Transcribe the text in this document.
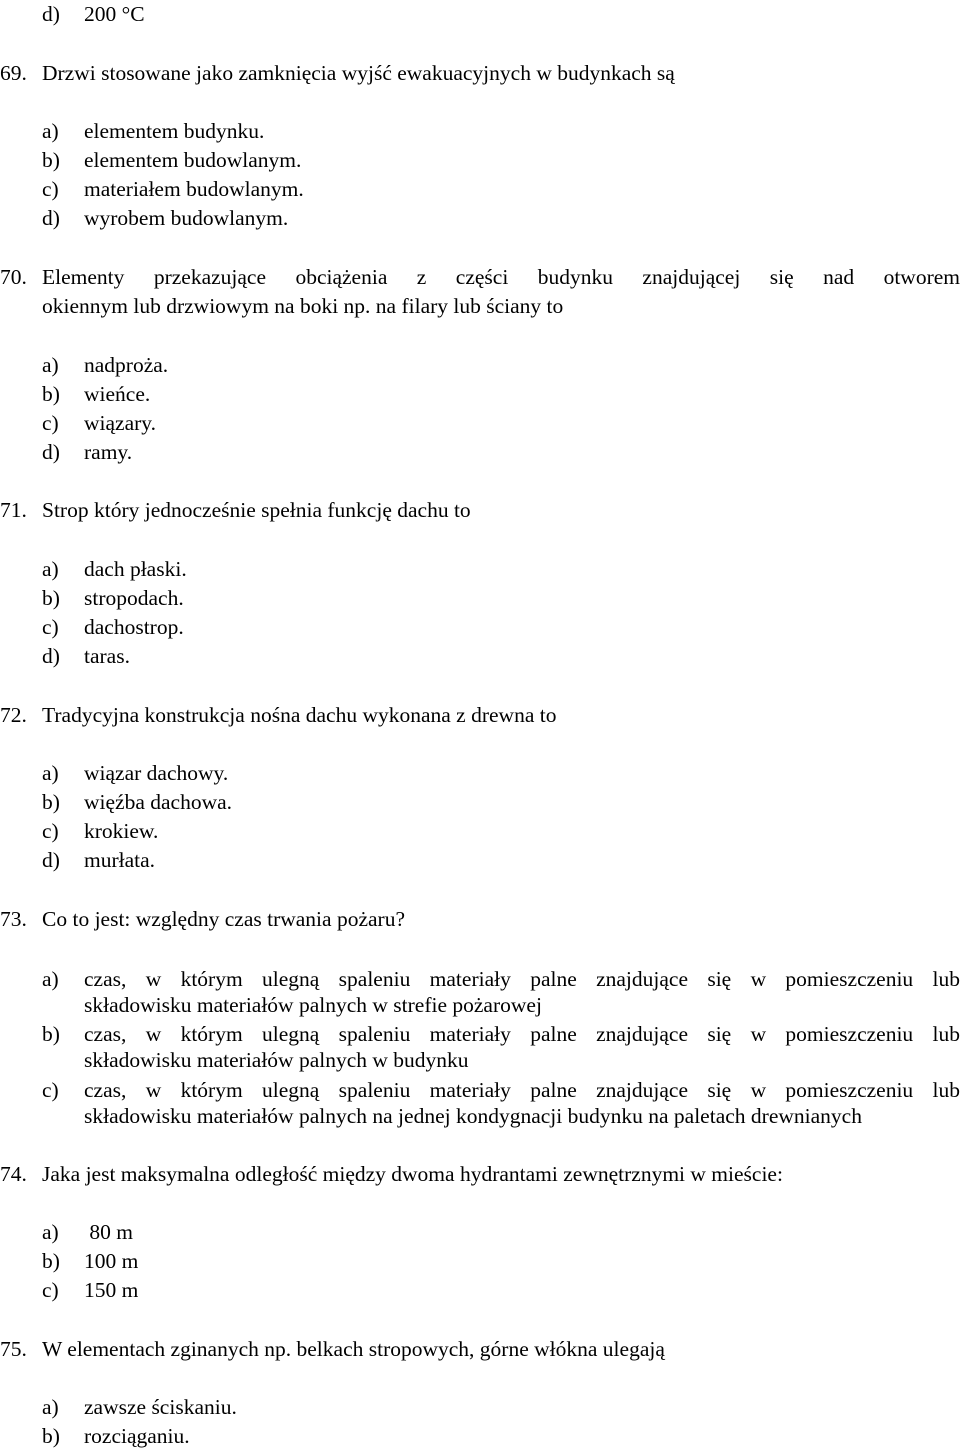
d) 200 °C
69. Drzwi stosowane jako zamknięcia wyjść ewakuacyjnych w budynkach są
a) elementem budynku.
b) elementem budowlanym.
c) materiałem budowlanym.
d) wyrobem budowlanym.
70. Elementy przekazujące obciążenia z części budynku znajdującej się nad otworem
okiennym lub drzwiowym na boki np. na filary lub ściany to
a) nadproża.
b) wieńce.
c) wiązary.
d) ramy.
71. Strop który jednocześnie spełnia funkcję dachu to
a) dach płaski.
b) stropodach.
c) dachostrop.
d) taras.
72. Tradycyjna konstrukcja nośna dachu wykonana z drewna to
a) wiązar dachowy.
b) więźba dachowa.
c) krokiew.
d) murłata.
73. Co to jest: względny czas trwania pożaru?
a)	czas, w którym ulegną spaleniu materiały palne znajdujące się w pomieszczeniu lub
składowisku materiałów palnych w strefie pożarowej
b)	czas, w którym ulegną spaleniu materiały palne znajdujące się w pomieszczeniu lub
składowisku materiałów palnych w budynku
c)	czas, w którym ulegną spaleniu materiały palne znajdujące się w pomieszczeniu lub
składowisku materiałów palnych na jednej kondygnacji budynku na paletach drewnianych
74. Jaka jest maksymalna odległość między dwoma hydrantami zewnętrznymi w mieście:
a) 80 m
b) 100 m
c) 150 m
75. W elementach zginanych np. belkach stropowych, górne włókna ulegają
a) zawsze ściskaniu.
b) rozciąganiu.
